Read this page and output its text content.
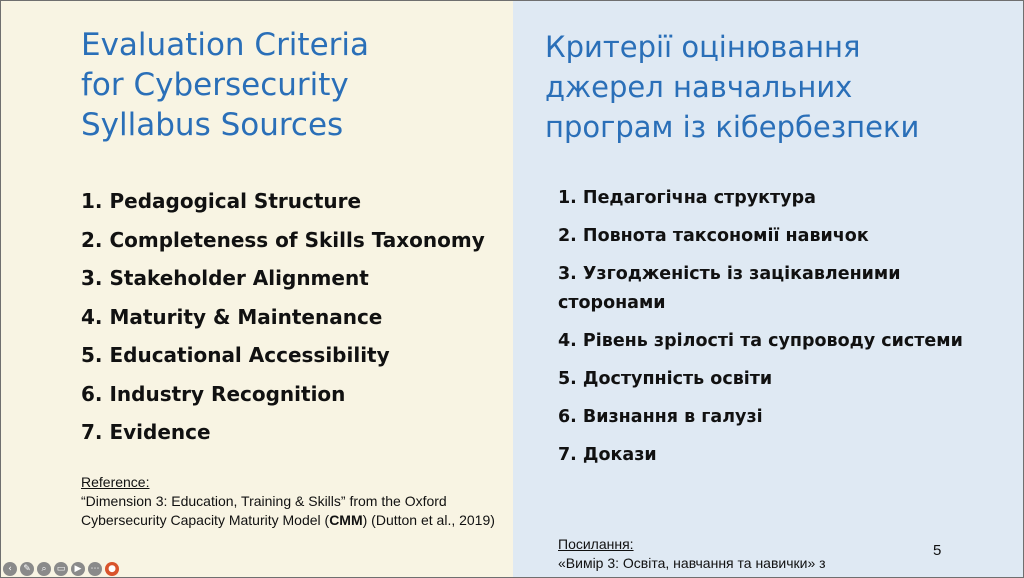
Evaluation Criteria
for Cybersecurity
Syllabus Sources
1. Pedagogical Structure
2. Completeness of Skills Taxonomy
3. Stakeholder Alignment
4. Maturity & Maintenance
5. Educational Accessibility
6. Industry Recognition
7. Evidence
Reference:
“Dimension 3: Education, Training & Skills” from the Oxford Cybersecurity Capacity Maturity Model (CMM) (Dutton et al., 2019)
Критерії оцінювання
джерел навчальних
програм із кібербезпеки
1. Педагогічна структура
2. Повнота таксономії навичок
3. Узгодженість із зацікавленими сторонами
4. Рівень зрілості та супроводу системи
5. Доступність освіти
6. Визнання в галузі
7. Докази
Посилання:
«Вимір 3: Освіта, навчання та навички» з
5
‹	✎	⌕	▭	▶	⋯ ●
